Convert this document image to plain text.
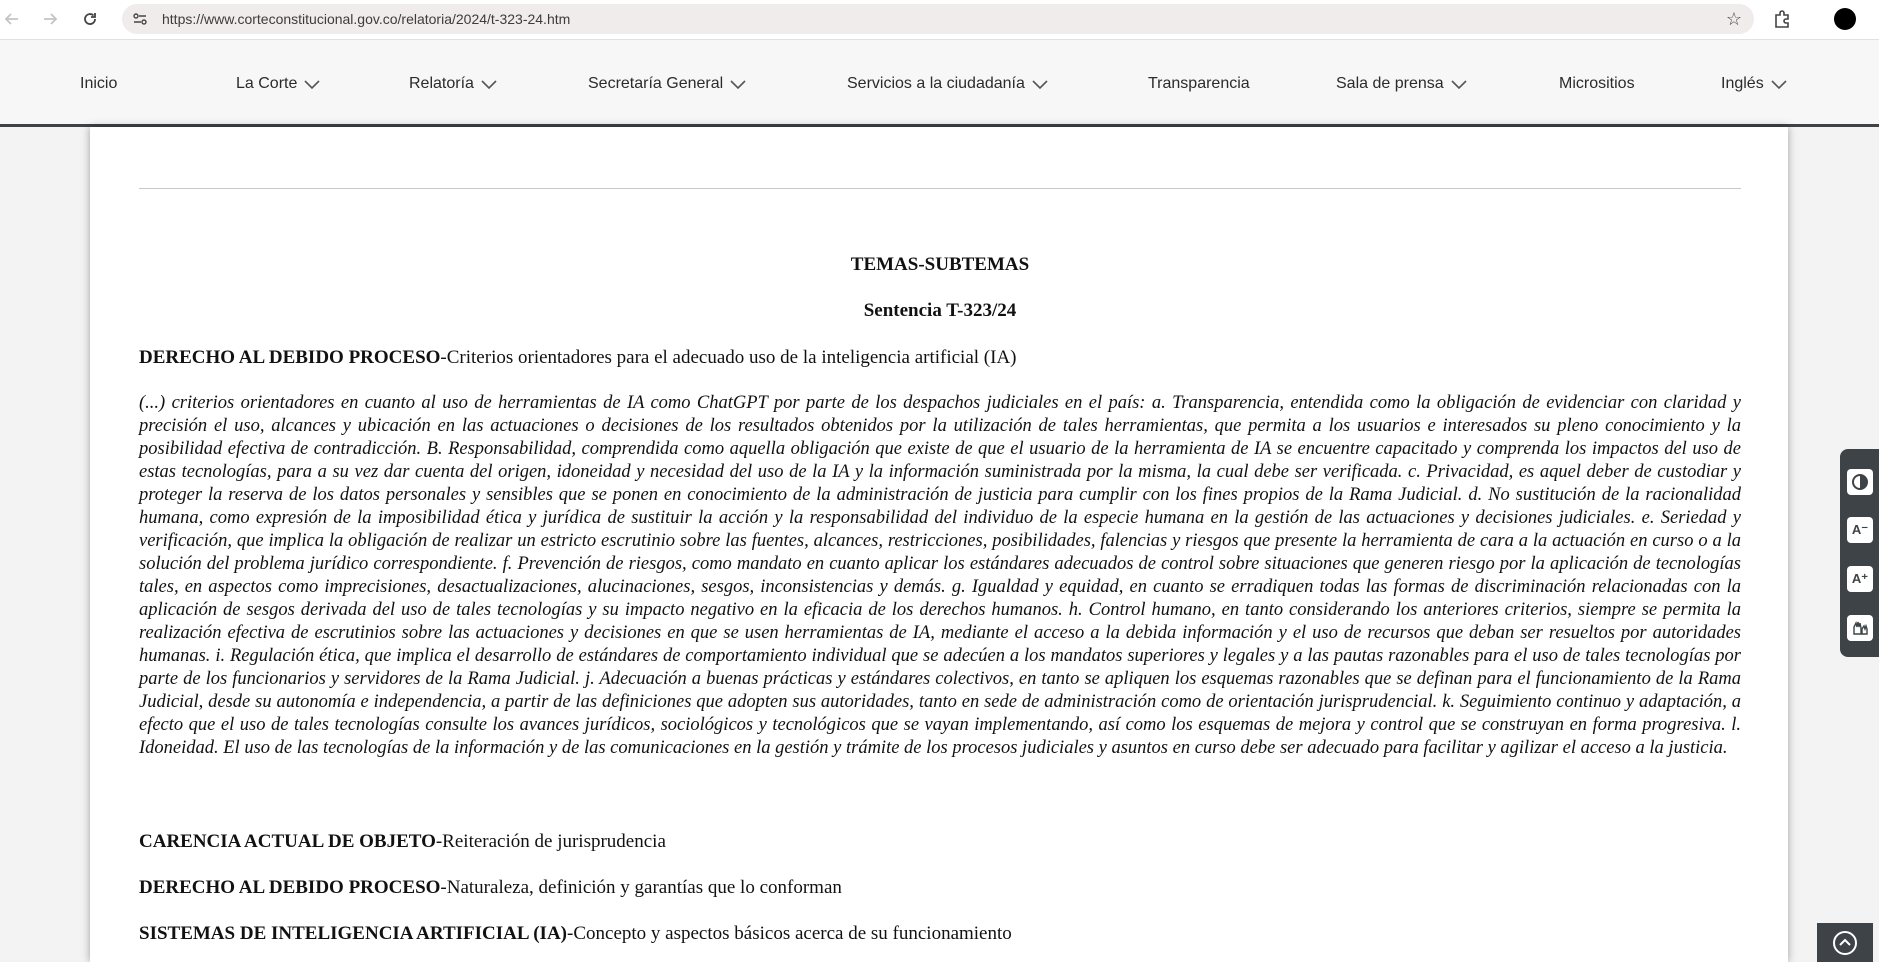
https://www.corteconstitucional.gov.co/relatoria/2024/t-323-24.htm	☆
Inicio	La Corte	Relatoría	Secretaría General	Servicios a la ciudadanía	Transparencia	Sala de prensa	Micrositios	Inglés
TEMAS-SUBTEMAS
Sentencia T-323/24
DERECHO AL DEBIDO PROCESO-Criterios orientadores para el adecuado uso de la inteligencia artificial (IA)
(...) criterios orientadores en cuanto al uso de herramientas de IA como ChatGPT por parte de los despachos judiciales en el país: a. Transparencia, entendida como la obligación de evidenciar con claridad y precisión el uso, alcances y ubicación en las actuaciones o decisiones de los resultados obtenidos por la utilización de tales herramientas, que permita a los usuarios e interesados su pleno conocimiento y la posibilidad efectiva de contradicción. B. Responsabilidad, comprendida como aquella obligación que existe de que el usuario de la herramienta de IA se encuentre capacitado y comprenda los impactos del uso de estas tecnologías, para a su vez dar cuenta del origen, idoneidad y necesidad del uso de la IA y la información suministrada por la misma, la cual debe ser verificada. c. Privacidad, es aquel deber de custodiar y proteger la reserva de los datos personales y sensibles que se ponen en conocimiento de la administración de justicia para cumplir con los fines propios de la Rama Judicial. d. No sustitución de la racionalidad humana, como expresión de la imposibilidad ética y jurídica de sustituir la acción y la responsabilidad del individuo de la especie humana en la gestión de las actuaciones y decisiones judiciales. e. Seriedad y verificación, que implica la obligación de realizar un estricto escrutinio sobre las fuentes, alcances, restricciones, posibilidades, falencias y riesgos que presente la herramienta de cara a la actuación en curso o a la solución del problema jurídico correspondiente. f. Prevención de riesgos, como mandato en cuanto aplicar los estándares adecuados de control sobre situaciones que generen riesgo por la aplicación de tecnologías tales, en aspectos como imprecisiones, desactualizaciones, alucinaciones, sesgos, inconsistencias y demás. g. Igualdad y equidad, en cuanto se erradiquen todas las formas de discriminación relacionadas con la aplicación de sesgos derivada del uso de tales tecnologías y su impacto negativo en la eficacia de los derechos humanos. h. Control humano, en tanto considerando los anteriores criterios, siempre se permita la realización efectiva de escrutinios sobre las actuaciones y decisiones en que se usen herramientas de IA, mediante el acceso a la debida información y el uso de recursos que deban ser resueltos por autoridades humanas. i. Regulación ética, que implica el desarrollo de estándares de comportamiento individual que se adecúen a los mandatos superiores y legales y a las pautas razonables para el uso de tales tecnologías por parte de los funcionarios y servidores de la Rama Judicial. j. Adecuación a buenas prácticas y estándares colectivos, en tanto se apliquen los esquemas razonables que se definan para el funcionamiento de la Rama Judicial, desde su autonomía e independencia, a partir de las definiciones que adopten sus autoridades, tanto en sede de administración como de orientación jurisprudencial. k. Seguimiento continuo y adaptación, a efecto que el uso de tales tecnologías consulte los avances jurídicos, sociológicos y tecnológicos que se vayan implementando, así como los esquemas de mejora y control que se construyan en forma progresiva. l. Idoneidad. El uso de las tecnologías de la información y de las comunicaciones en la gestión y trámite de los procesos judiciales y asuntos en curso debe ser adecuado para facilitar y agilizar el acceso a la justicia.
CARENCIA ACTUAL DE OBJETO-Reiteración de jurisprudencia
DERECHO AL DEBIDO PROCESO-Naturaleza, definición y garantías que lo conforman
SISTEMAS DE INTELIGENCIA ARTIFICIAL (IA)-Concepto y aspectos básicos acerca de su funcionamiento
A⁻
A⁺
